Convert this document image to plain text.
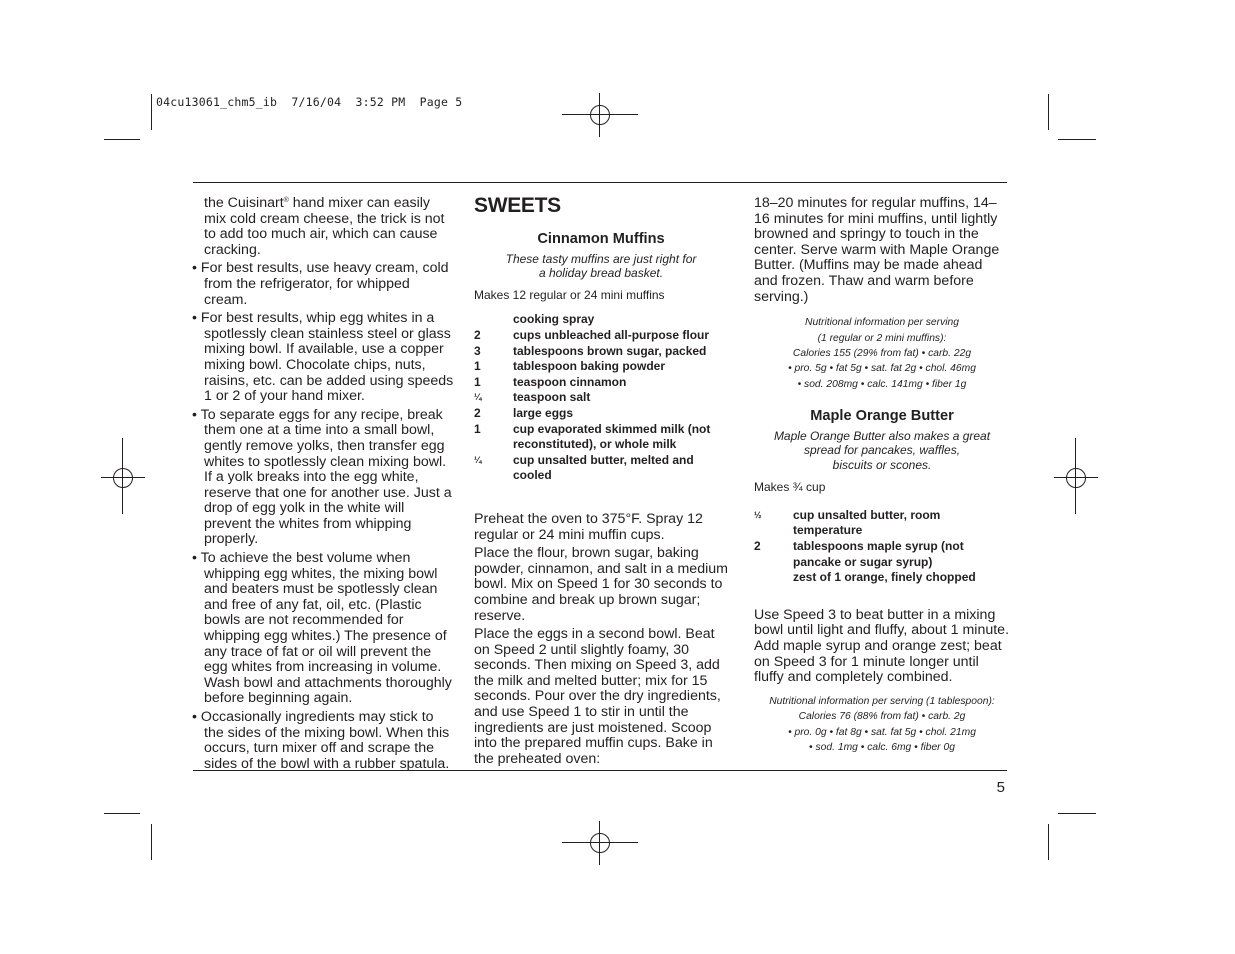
04cu13061_chm5_ib  7/16/04  3:52 PM  Page 5

the Cuisinart® hand mixer can easily mix cold cream cheese, the trick is not to add too much air, which can cause cracking.

• For best results, use heavy cream, cold from the refrigerator, for whipped cream.

• For best results, whip egg whites in a spotlessly clean stainless steel or glass mixing bowl. If available, use a copper mixing bowl. Chocolate chips, nuts, raisins, etc. can be added using speeds 1 or 2 of your hand mixer.

• To separate eggs for any recipe, break them one at a time into a small bowl, gently remove yolks, then transfer egg whites to spotlessly clean mixing bowl. If a yolk breaks into the egg white, reserve that one for another use. Just a drop of egg yolk in the white will prevent the whites from whipping properly.

• To achieve the best volume when whipping egg whites, the mixing bowl and beaters must be spotlessly clean and free of any fat, oil, etc. (Plastic bowls are not recommended for whipping egg whites.) The presence of any trace of fat or oil will prevent the egg whites from increasing in volume. Wash bowl and attachments thoroughly before beginning again.

• Occasionally ingredients may stick to the sides of the mixing bowl. When this occurs, turn mixer off and scrape the sides of the bowl with a rubber spatula.

SWEETS
Cinnamon Muffins
These tasty muffins are just right for
a holiday bread basket.
Makes 12 regular or 24 mini muffins
cooking spray
2	cups unbleached all-purpose flour
3	tablespoons brown sugar, packed
1	tablespoon baking powder
1	teaspoon cinnamon
¼	teaspoon salt
2	large eggs
1	cup evaporated skimmed milk (not reconstituted), or whole milk
¼	cup unsalted butter, melted and cooled

Preheat the oven to 375°F. Spray 12 regular or 24 mini muffin cups.

Place the flour, brown sugar, baking powder, cinnamon, and salt in a medium bowl. Mix on Speed 1 for 30 seconds to combine and break up brown sugar; reserve.

Place the eggs in a second bowl. Beat on Speed 2 until slightly foamy, 30 seconds. Then mixing on Speed 3, add the milk and melted butter; mix for 15 seconds. Pour over the dry ingredients, and use Speed 1 to stir in until the ingredients are just moistened. Scoop into the prepared muffin cups. Bake in the preheated oven:

18–20 minutes for regular muffins, 14–16 minutes for mini muffins, until lightly browned and springy to touch in the center. Serve warm with Maple Orange Butter. (Muffins may be made ahead and frozen. Thaw and warm before serving.)

Nutritional information per serving

(1 regular or 2 mini muffins):

Calories 155 (29% from fat) • carb. 22g

• pro. 5g • fat 5g • sat. fat 2g • chol. 46mg

• sod. 208mg • calc. 141mg • fiber 1g

Maple Orange Butter
Maple Orange Butter also makes a great
spread for pancakes, waffles,
biscuits or scones.
Makes ¾ cup
½	cup unsalted butter, room temperature
2	tablespoons maple syrup (not pancake or sugar syrup)
zest of 1 orange, finely chopped

Use Speed 3 to beat butter in a mixing bowl until light and fluffy, about 1 minute. Add maple syrup and orange zest; beat on Speed 3 for 1 minute longer until fluffy and completely combined.

Nutritional information per serving (1 tablespoon):

Calories 76 (88% from fat) • carb. 2g

• pro. 0g • fat 8g • sat. fat 5g • chol. 21mg

• sod. 1mg • calc. 6mg • fiber 0g

5
